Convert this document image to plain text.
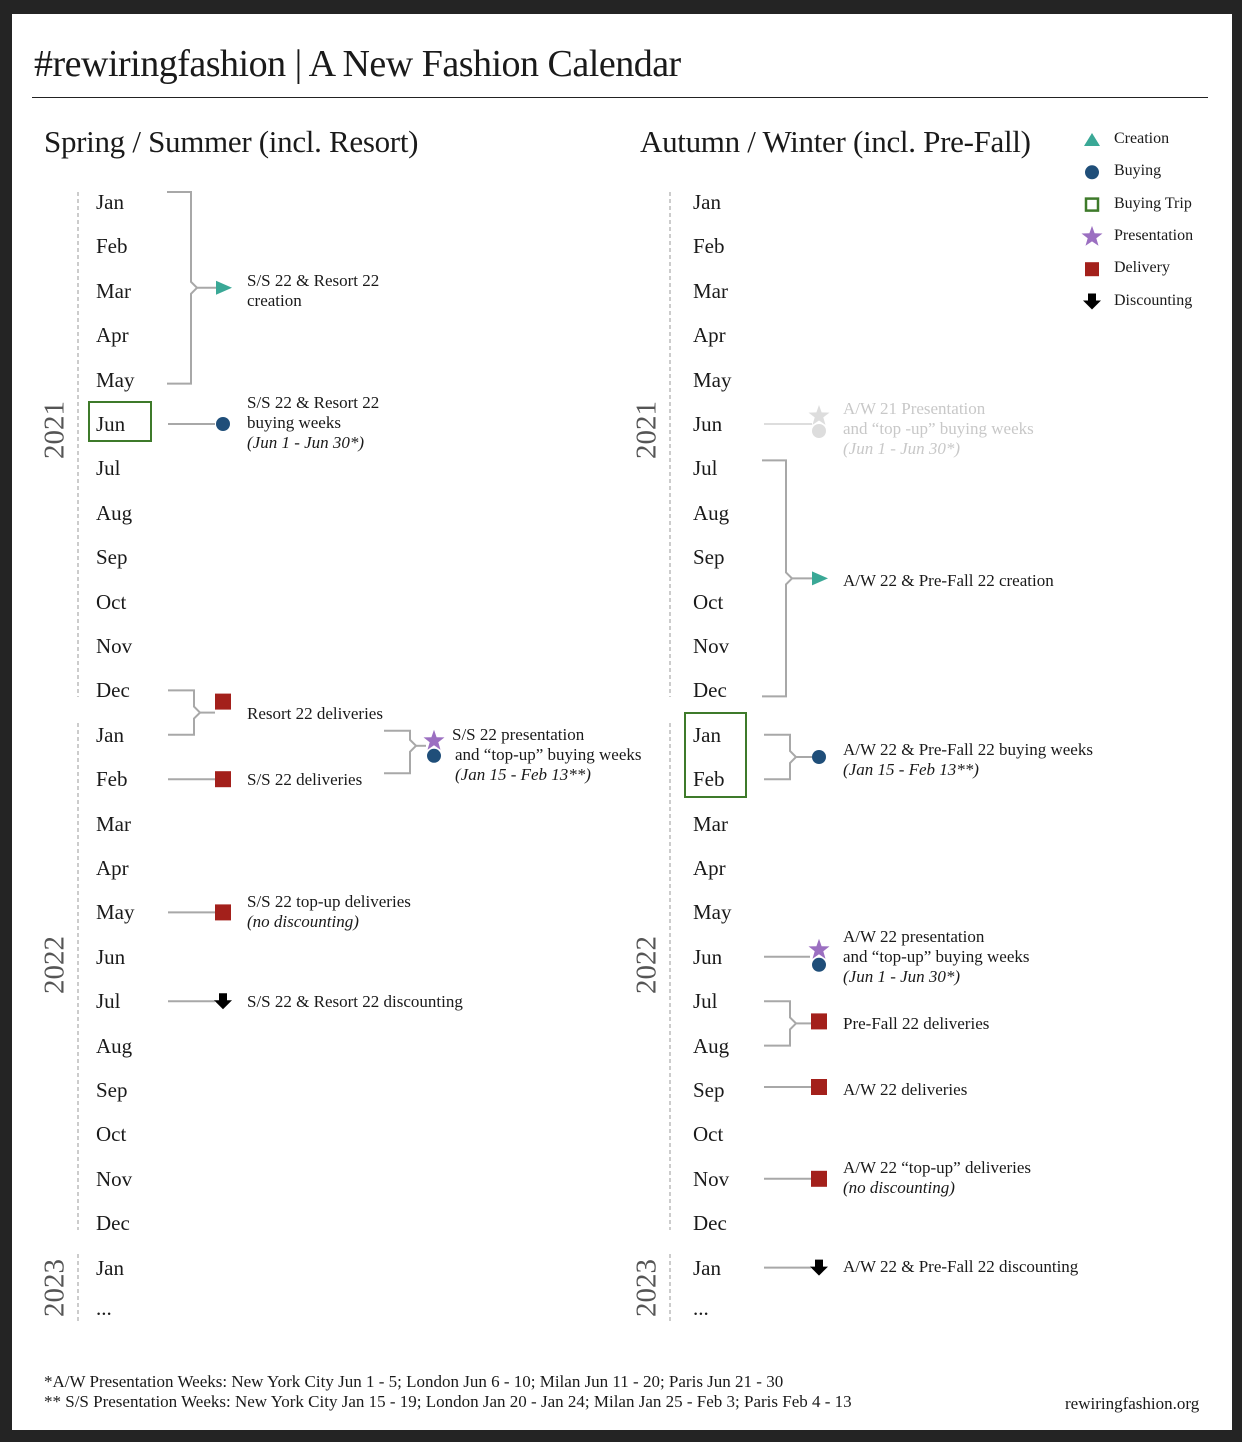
#rewiringfashion | A New Fashion Calendar
Spring / Summer (incl. Resort)	Autumn / Winter (incl. Pre-Fall)	Creation
Buying
Buying Trip
Presentation
Delivery
Discounting
Jan
Feb
Mar
Apr
May
Jun
Jul
Aug
Sep
Oct
Nov
Dec
Jan
Feb
Mar
Apr
May
Jun
Jul
Aug
Sep
Oct
Nov
Dec
Jan
...
2021
2022
2023
Jan
Feb
Mar
Apr
May
Jun
Jul
Aug
Sep
Oct
Nov
Dec
Jan
Feb
Mar
Apr
May
Jun
Jul
Aug
Sep
Oct
Nov
Dec
Jan
...
2021
2022
2023
S/S 22 & Resort 22
creation
S/S 22 & Resort 22
buying weeks
(Jun 1 - Jun 30*)
Resort 22 deliveries
S/S 22 deliveries
S/S 22 presentation
and “top-up” buying weeks
(Jan 15 - Feb 13**)
S/S 22 top-up deliveries
(no discounting)
S/S 22 & Resort 22 discounting
A/W 21 Presentation
and “top -up” buying weeks
(Jun 1 - Jun 30*)
A/W 22 & Pre-Fall 22 creation
A/W 22 & Pre-Fall 22 buying weeks
(Jan 15 - Feb 13**)
A/W 22 presentation
and “top-up” buying weeks
(Jun 1 - Jun 30*)
Pre-Fall 22 deliveries
A/W 22 deliveries
A/W 22 “top-up” deliveries
(no discounting)
A/W 22 & Pre-Fall 22 discounting
*A/W Presentation Weeks: New York City Jun 1 - 5; London Jun 6 - 10; Milan Jun 11 - 20; Paris Jun 21 - 30
** S/S Presentation Weeks: New York City Jan 15 - 19; London Jan 20 - Jan 24; Milan Jan 25 - Feb 3; Paris Feb 4 - 13	rewiringfashion.org
